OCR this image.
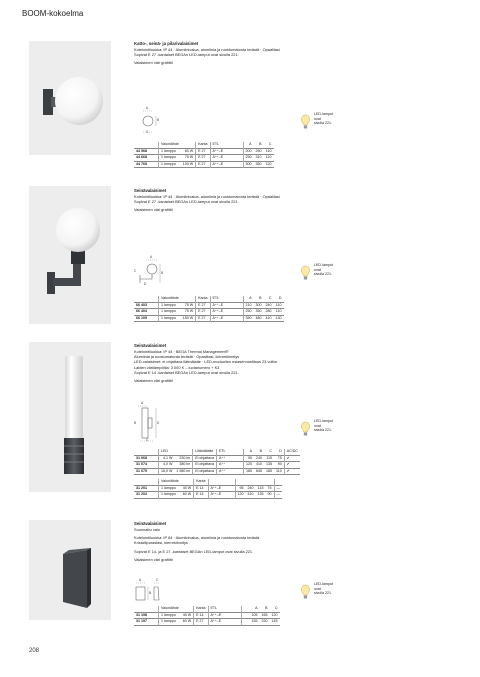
BOOM-kokoelma

Katto-, seinä- ja pilarivalaisimet

Kotelointiluokka: IP 44 · Alumiinivalua, alumiinia ja ruostumatonta terästä · Opaalilasi

Sopivat E 27 -kantaiset BEGAn LED-lamput ovat sivulla 221.

Valaisimen väri grafiitti

A
B
C
LED-lamput
ovat
sivulla 221.
	Valonlähde		Kanta	ETL	A	B	C
44 568	1 lamppu	60 W	E 27	A⁺⁺–E	200	250	110
44 668	1 lamppu	75 W	E 27	A⁺⁺–E	250	310	110
44 769	1 lamppu	100 W	E 27	A⁺⁺–E	300	350	120

Seinävalaisimet

Kotelointiluokka: IP 44 · Alumiinivalua, alumiinia ja ruostumatonta terästä · Opaalilasi

Sopivat E 27 -kantaiset BEGAn LED-lamput ovat sivulla 221.

Valaisimen väri grafiitti

A
B
C
D
LED-lamput
ovat
sivulla 221.
	Valonlähde		Kanta	ETL	A	B	C	D
66 403	1 lamppu	75 W	E 27	A⁺⁺–E	210	300	240	110
66 404	1 lamppu	75 W	E 27	A⁺⁺–E	250	350	280	110
66 105	1 lamppu	150 W	E 27	A⁺⁺–E	350	480	410	130

Seinävalaisimet

Kotelointiluokka: IP 44 · BEGA Thermal Management®

Alumiinia ja ruostumatonta terästä · Opaalilasi, kierrekiinnitys

LED-valaisimet: ei ohjattava ilätmälaite · LED-moduulien esiasennustilaus 23 voltta

Laiden värilämpötila: 3 000 K – luotanumero + K3

Sopivat E 14 -kantaiset BEGAn LED-lamput ovat sivulla 221.

Valaisimen väri grafiitti

A
B	D
C
LED-lamput
ovat
sivulla 221.
	LED		Liitäntälaite	ETL	A	B	C	D	AC/DC
31 068	4,1 W	230 lm	Ei ohjattava	A⁺⁺	95	240	115	75	✔
31 074	4,0 W	380 lm	Ei ohjattava	A⁺⁺	120	410	135	90	✔
31 075	16,0 W	1 980 lm	Ei ohjattava	A⁺⁺	180	645	185	110	✔
	Valonlähde		Kanta						
31 201	1 lamppu	40 W	E 14	A⁺⁺–E	95	240	115	75	—
31 203	1 lamppu	60 W	E 14	A⁺⁺–E	120	410	135	90	—

Seinävalaisimet

Suunnattu valo

Kotelointiluokka: IP 64 · Alumiinivalua, alumiinia ja ruostumatonta terästä

Kristallipuraslasi, kierrekiinnitys

Sopivat E 14- ja E 27 -kantaiset BEGAn LED-lamput ovat sivulla 221.

Valaisimen väri grafiitti

A	C
B
LED-lamput
ovat
sivulla 221.
	Valonlähde		Kanta	ETL	A	B	C
31 198	1 lamppu	40 W	E 14	A⁺⁺–E	105	165	120
31 197	1 lamppu	60 W	E 27	A⁺⁺–E	155	220	145
208
